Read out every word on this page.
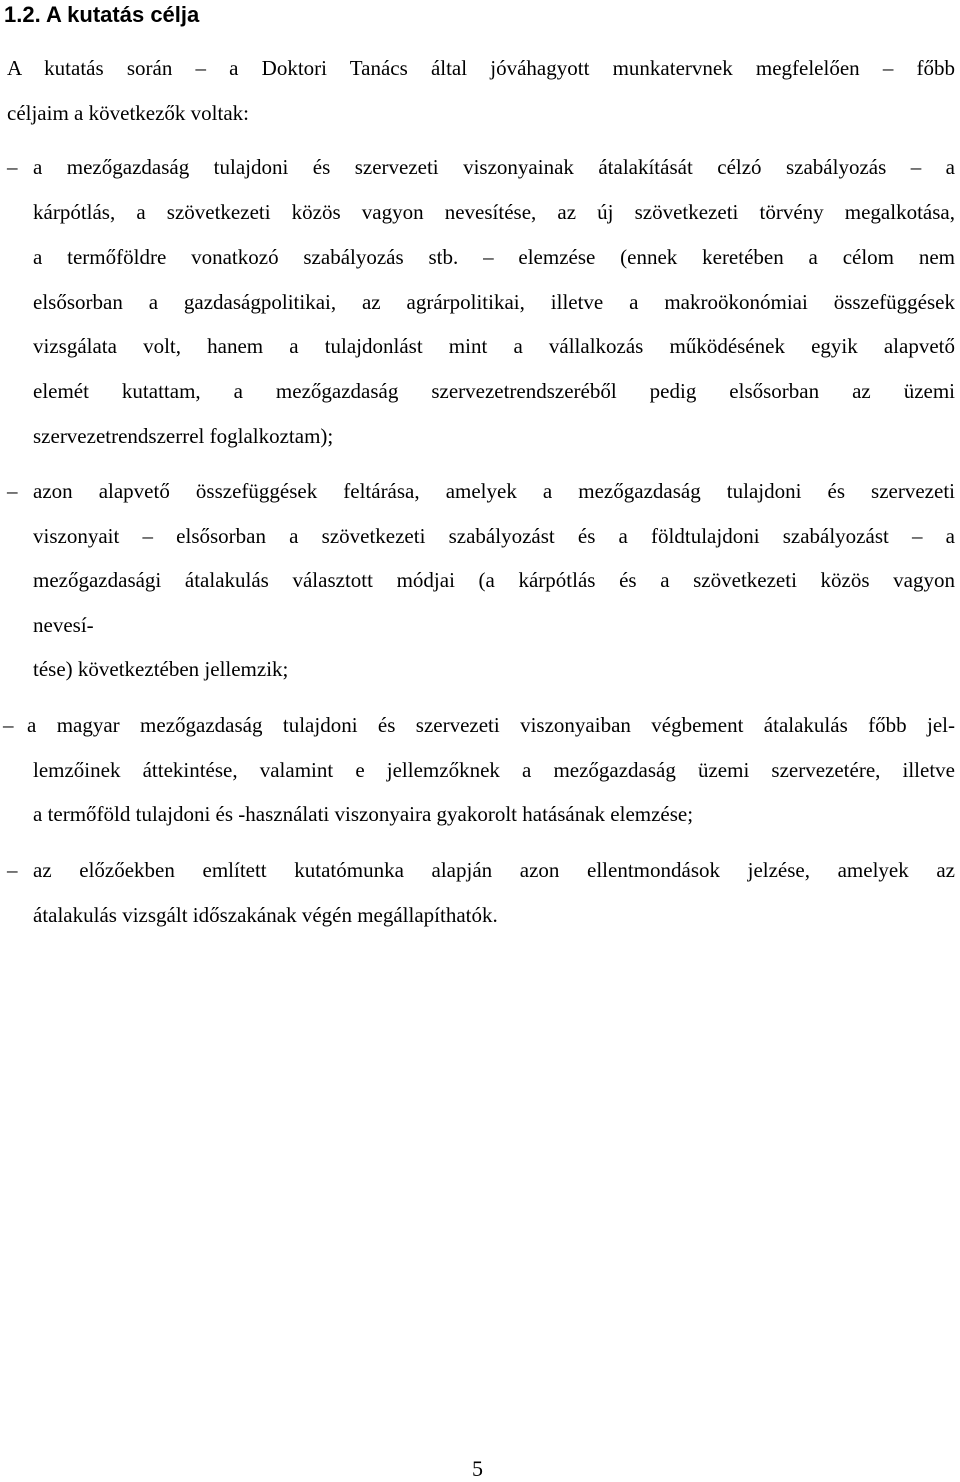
1.2. A kutatás célja

A kutatás során – a Doktori Tanács által jóváhagyott munkatervnek megfelelően – főbb

céljaim a következők voltak:

– a mezőgazdaság tulajdoni és szervezeti viszonyainak átalakítását célzó szabályozás – a

kárpótlás, a szövetkezeti közös vagyon nevesítése, az új szövetkezeti törvény megalkotása,

a termőföldre vonatkozó szabályozás stb. – elemzése (ennek keretében a célom nem

elsősorban a gazdaságpolitikai, az agrárpolitikai, illetve a makroökonómiai összefüggések

vizsgálata volt, hanem a tulajdonlást mint a vállalkozás működésének egyik alapvető

elemét kutattam, a mezőgazdaság szervezetrendszeréből pedig elsősorban az üzemi

szervezetrendszerrel foglalkoztam);

– azon alapvető összefüggések feltárása, amelyek a mezőgazdaság tulajdoni és szervezeti

viszonyait – elsősorban a szövetkezeti szabályozást és a földtulajdoni szabályozást – a

mezőgazdasági átalakulás választott módjai (a kárpótlás és a szövetkezeti közös vagyon

nevesí-

tése) következtében jellemzik;

– a magyar mezőgazdaság tulajdoni és szervezeti viszonyaiban végbement átalakulás főbb jel-

lemzőinek áttekintése, valamint e jellemzőknek a mezőgazdaság üzemi szervezetére, illetve

a termőföld tulajdoni és -használati viszonyaira gyakorolt hatásának elemzése;

– az előzőekben említett kutatómunka alapján azon ellentmondások jelzése, amelyek az

átalakulás vizsgált időszakának végén megállapíthatók.

5
